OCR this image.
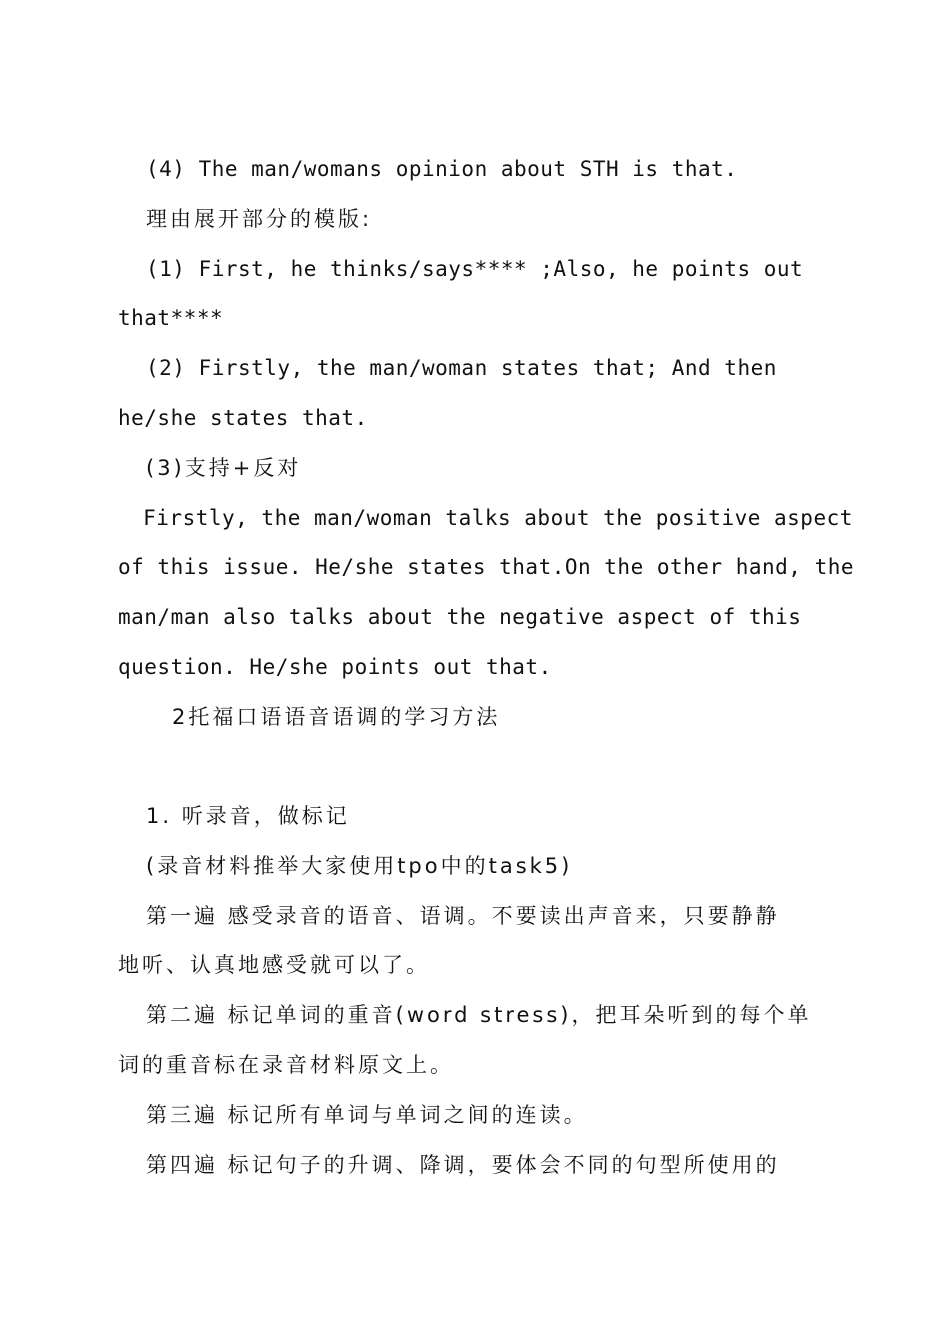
(4) The man/womans opinion about STH is that.
理由展开部分的模版:
(1) First, he thinks/says**** ;Also, he points out
that****
(2) Firstly, the man/woman states that; And then
he/she states that.
(3)支持+反对
Firstly, the man/woman talks about the positive aspect
of this issue. He/she states that.On the other hand, the
man/man also talks about the negative aspect of this
question. He/she points out that.
2托福口语语音语调的学习方法
1. 听录音，做标记
(录音材料推举大家使用tpo中的task5)
第一遍 感受录音的语音、语调。不要读出声音来，只要静静
地听、认真地感受就可以了。
第二遍 标记单词的重音(word stress)，把耳朵听到的每个单
词的重音标在录音材料原文上。
第三遍 标记所有单词与单词之间的连读。
第四遍 标记句子的升调、降调，要体会不同的句型所使用的
